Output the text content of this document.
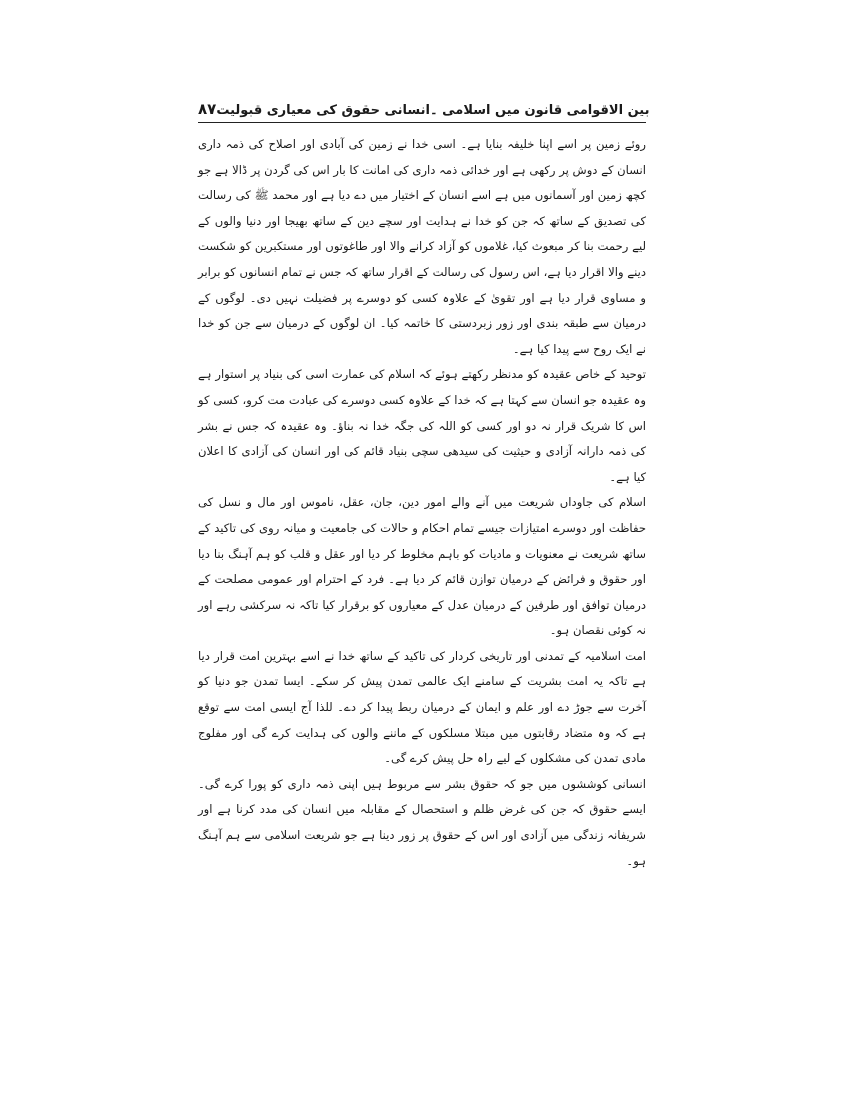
۸۷ بین الاقوامی قانون میں اسلامی ۔انسانی حقوق کی معیاری قبولیت

روئے زمین پر اسے اپنا خلیفہ بنایا ہے۔ اسی خدا نے زمین کی آبادی اور اصلاح کی ذمہ داری انسان کے دوش پر رکھی ہے اور خدائی ذمہ داری کی امانت کا بار اس کی گردن پر ڈالا ہے جو کچھ زمین اور آسمانوں میں ہے اسے انسان کے اختیار میں دے دیا ہے اور محمد ﷺ کی رسالت کی تصدیق کے ساتھ کہ جن کو خدا نے ہدایت اور سچے دین کے ساتھ بھیجا اور دنیا والوں کے لیے رحمت بنا کر مبعوث کیا، غلاموں کو آزاد کرانے والا اور طاغوتوں اور مستکبرین کو شکست دینے والا اقرار دیا ہے، اس رسول کی رسالت کے اقرار ساتھ کہ جس نے تمام انسانوں کو برابر و مساوی قرار دیا ہے اور تقویٰ کے علاوہ کسی کو دوسرے پر فضیلت نہیں دی۔ لوگوں کے درمیان سے طبقہ بندی اور زور زبردستی کا خاتمہ کیا۔ ان لوگوں کے درمیان سے جن کو خدا نے ایک روح سے پیدا کیا ہے۔

توحید کے خاص عقیدہ کو مدنظر رکھتے ہوئے کہ اسلام کی عمارت اسی کی بنیاد پر استوار ہے وہ عقیدہ جو انسان سے کہتا ہے کہ خدا کے علاوہ کسی دوسرے کی عبادت مت کرو، کسی کو اس کا شریک قرار نہ دو اور کسی کو اللہ کی جگہ خدا نہ بناؤ۔ وہ عقیدہ کہ جس نے بشر کی ذمہ دارانہ آزادی و حیثیت کی سیدھی سچی بنیاد قائم کی اور انسان کی آزادی کا اعلان کیا ہے۔

اسلام کی جاوداں شریعت میں آنے والے امور دین، جان، عقل، ناموس اور مال و نسل کی حفاظت اور دوسرے امتیازات جیسے تمام احکام و حالات کی جامعیت و میانہ روی کی تاکید کے ساتھ شریعت نے معنویات و مادیات کو باہم مخلوط کر دیا اور عقل و قلب کو ہم آہنگ بنا دیا اور حقوق و فرائض کے درمیان توازن قائم کر دیا ہے۔ فرد کے احترام اور عمومی مصلحت کے درمیان توافق اور طرفین کے درمیان عدل کے معیاروں کو برقرار کیا تاکہ نہ سرکشی رہے اور نہ کوئی نقصان ہو۔

امت اسلامیہ کے تمدنی اور تاریخی کردار کی تاکید کے ساتھ خدا نے اسے بہترین امت قرار دیا ہے تاکہ یہ امت بشریت کے سامنے ایک عالمی تمدن پیش کر سکے۔ ایسا تمدن جو دنیا کو آخرت سے جوڑ دے اور علم و ایمان کے درمیان ربط پیدا کر دے۔ للذا آج ایسی امت سے توقع ہے کہ وہ متضاد رقابتوں میں مبتلا مسلکوں کے ماننے والوں کی ہدایت کرے گی اور مفلوج مادی تمدن کی مشکلوں کے لیے راہ حل پیش کرے گی۔

انسانی کوششوں میں جو کہ حقوق بشر سے مربوط ہیں اپنی ذمہ داری کو پورا کرے گی۔ ایسے حقوق کہ جن کی غرض ظلم و استحصال کے مقابلہ میں انسان کی مدد کرنا ہے اور شریفانہ زندگی میں آزادی اور اس کے حقوق پر زور دینا ہے جو شریعت اسلامی سے ہم آہنگ ہو۔
